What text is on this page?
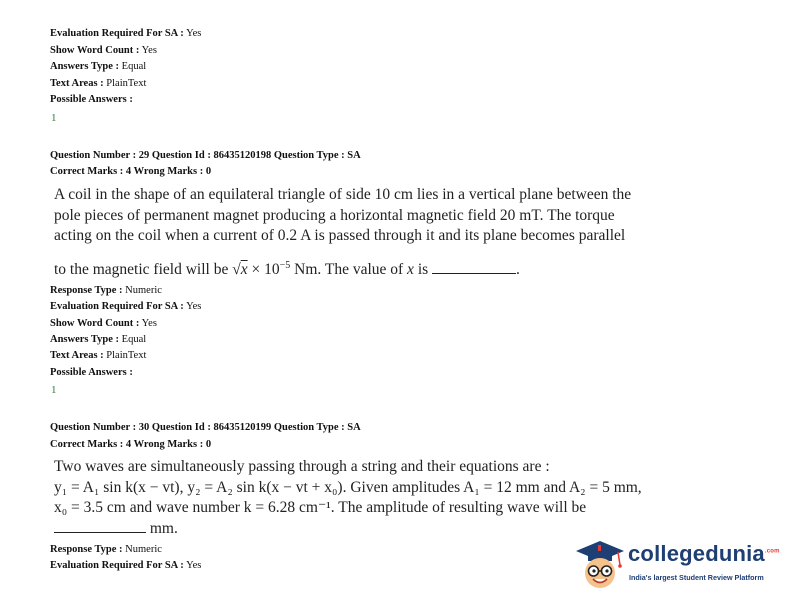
Evaluation Required For SA : Yes
Show Word Count : Yes
Answers Type : Equal
Text Areas : PlainText
Possible Answers :
1
Question Number : 29 Question Id : 86435120198 Question Type : SA
Correct Marks : 4 Wrong Marks : 0
A coil in the shape of an equilateral triangle of side 10 cm lies in a vertical plane between the
pole pieces of permanent magnet producing a horizontal magnetic field 20 mT. The torque
acting on the coil when a current of 0.2 A is passed through it and its plane becomes parallel
to the magnetic field will be $√x \times 10^{-5}$ Nm. The value of x is	.
Response Type : Numeric
Evaluation Required For SA : Yes
Show Word Count : Yes
Answers Type : Equal
Text Areas : PlainText
Possible Answers :
1
Question Number : 30 Question Id : 86435120199 Question Type : SA
Correct Marks : 4 Wrong Marks : 0
Two waves are simultaneously passing through a string and their equations are :
y₁ = A₁ sin k(x − vt), y₂ = A₂ sin k(x − vt + x₀). Given amplitudes A₁ = 12 mm and A₂ = 5 mm,
x₀ = 3.5 cm and wave number k = 6.28 cm⁻¹. The amplitude of resulting wave will be
mm.
Response Type : Numeric
Evaluation Required For SA : Yes	collegedunia$^{.com}$
India's largest Student Review Platform
